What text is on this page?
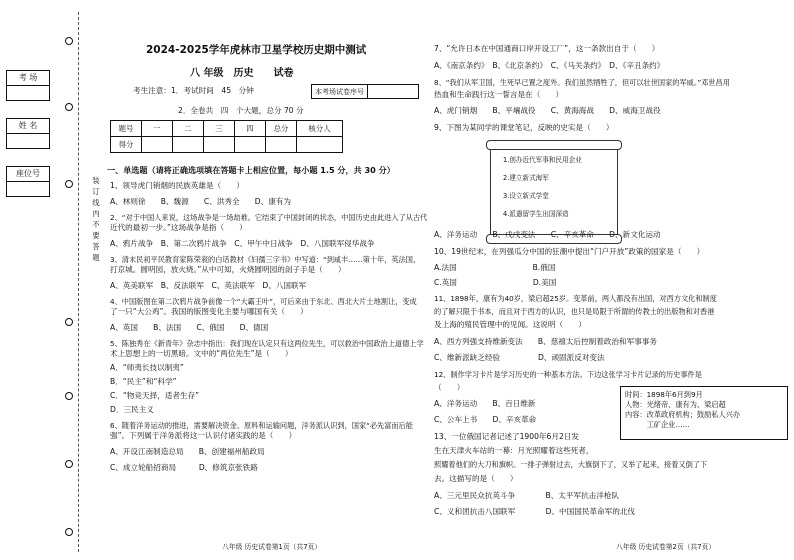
装订线内不要答题
考 场
姓 名
座位号
2024-2025学年虎林市卫星学校历史期中测试
八 年级　历史　　试卷
考生注意：1．考试时间　45　分钟	本考场试卷序号	
2．全卷共　四　个大题，总分 70 分
题号	一	二	三	四	总分	核分人
得分						
一、单选题（请将正确选项填在答题卡上相应位置，每小题 1.5 分，共 30 分）
1、领导虎门销烟的民族英雄是（　　）
A、林则徐　　B、魏源　　C、洪秀全　　D、康有为
2、“对于中国人来说，这场战争是一场劫难。它结束了中国封闭的状态，中国历史由此进入了从古代
近代的最初一步。”这场战争是指（　　）
A、鸦片战争　B、第二次鸦片战争　C、甲午中日战争　D、八国联军侵华战争
3、清末民初平民教育家陈荣衮的白话教材《妇孺三字书》中写道：“到咸丰……第十年，英法国，
打京城。圆明园，放火烧。”从中可知，火烧圆明园的刽子手是（　　）
A、英美联军　B、反法联军　C、英法联军　D、八国联军
4、中国版图在第二次鸦片战争前像一个“大霸王叶”，可后来由于东北、西北大片土地割让，变成
了一只“大公鸡”。我国的版图变化主要与哪国有关（　　）
A、英国　　B、法国　　C、俄国　　D、德国
5、陈独秀在《新青年》杂志中指出：我们现在认定只有这两位先生，可以救治中国政治上道德上学
术上思想上的一切黑暗。文中的“两位先生”是（　　）
A．“师夷长技以制夷”
B．“民主”和“科学”
C．“物竞天择，适者生存”
D．三民主义
6、随着洋务运动的推进，需要解决资金、原料和运输问题，洋务派认识到，国家“必先富而后能
强”。下列属于洋务派将这一认识付诸实践的是（　　）
A、开设江南制造总局　　B、创建福州船政局
C、成立轮船招商局　　　D、修筑京张铁路
7、“允许日本在中国通商口岸开设工厂”，这一条款出自于（　　）
A、《南京条约》　B、《北京条约》　C、《马关条约》　D、《辛丑条约》
8、“我们从军卫国，生死早已置之度外。我们虽然牺牲了，但可以壮世国家的军威。”邓世昌用
热血和生命践行这一誓言是在（　　）
A、虎门销烟　　B、平壤战役　　C、黄海海战　　D、威海卫战役
9、下图为某同学的课堂笔记，反映的史实是（　　）
1.创办近代军事和民用企业
2.建立新式海军
3.设立新式学堂
4.派遣留学生出国深造
A、洋务运动　　B、戊戌变法　　C、辛亥革命　　D、新文化运动
10、19世纪末，在列强瓜分中国的狂潮中提出“门户开放”政策的国家是（　　）
A.法国　　　　　　　　　　B.俄国
C.英国　　　　　　　　　　D.美国
11、1898年，康有为40岁，梁启超25岁。变革前，两人都没有出国，对西方文化和制度
的了解只限于书本，而且对于西方的认识，也只是局限于所谓的传教士的出版物和对香港
及上海的殖民管理中的见闻。这说明（　　）
A、西方列强支持维新变法　　B、慈禧太后控制着政治和军事事务
C、维新派缺乏经验　　　　　D、顽固派反对变法
12、制作学习卡片是学习历史的一种基本方法。下边这张学习卡片记录的历史事件是
（　　）
A、洋务运动　　B、百日维新
C、公车上书　　D、辛亥革命
时间：1898年6月到9月
人物：光绪帝、康有为、梁启超
内容：改革政府机构；鼓励私人兴办
　　　工矿企业……
13、一位俄国记者记述了1900年6月2日发
生在天津火车站的一幕：月光照耀着这些死者，
照耀着他们的大刀和旗帜。一排子弹射过去，大旗倒下了，又举了起来，接着又倒了下
去。这描写的是（　　）
A、三元里民众抗英斗争　　　　B、太平军抗击洋枪队
C、义和团抗击八国联军　　　　D、中国国民革命军的北伐
八年级 历史试卷第1页（共7页）	八年级 历史试卷第2页（共7页）
